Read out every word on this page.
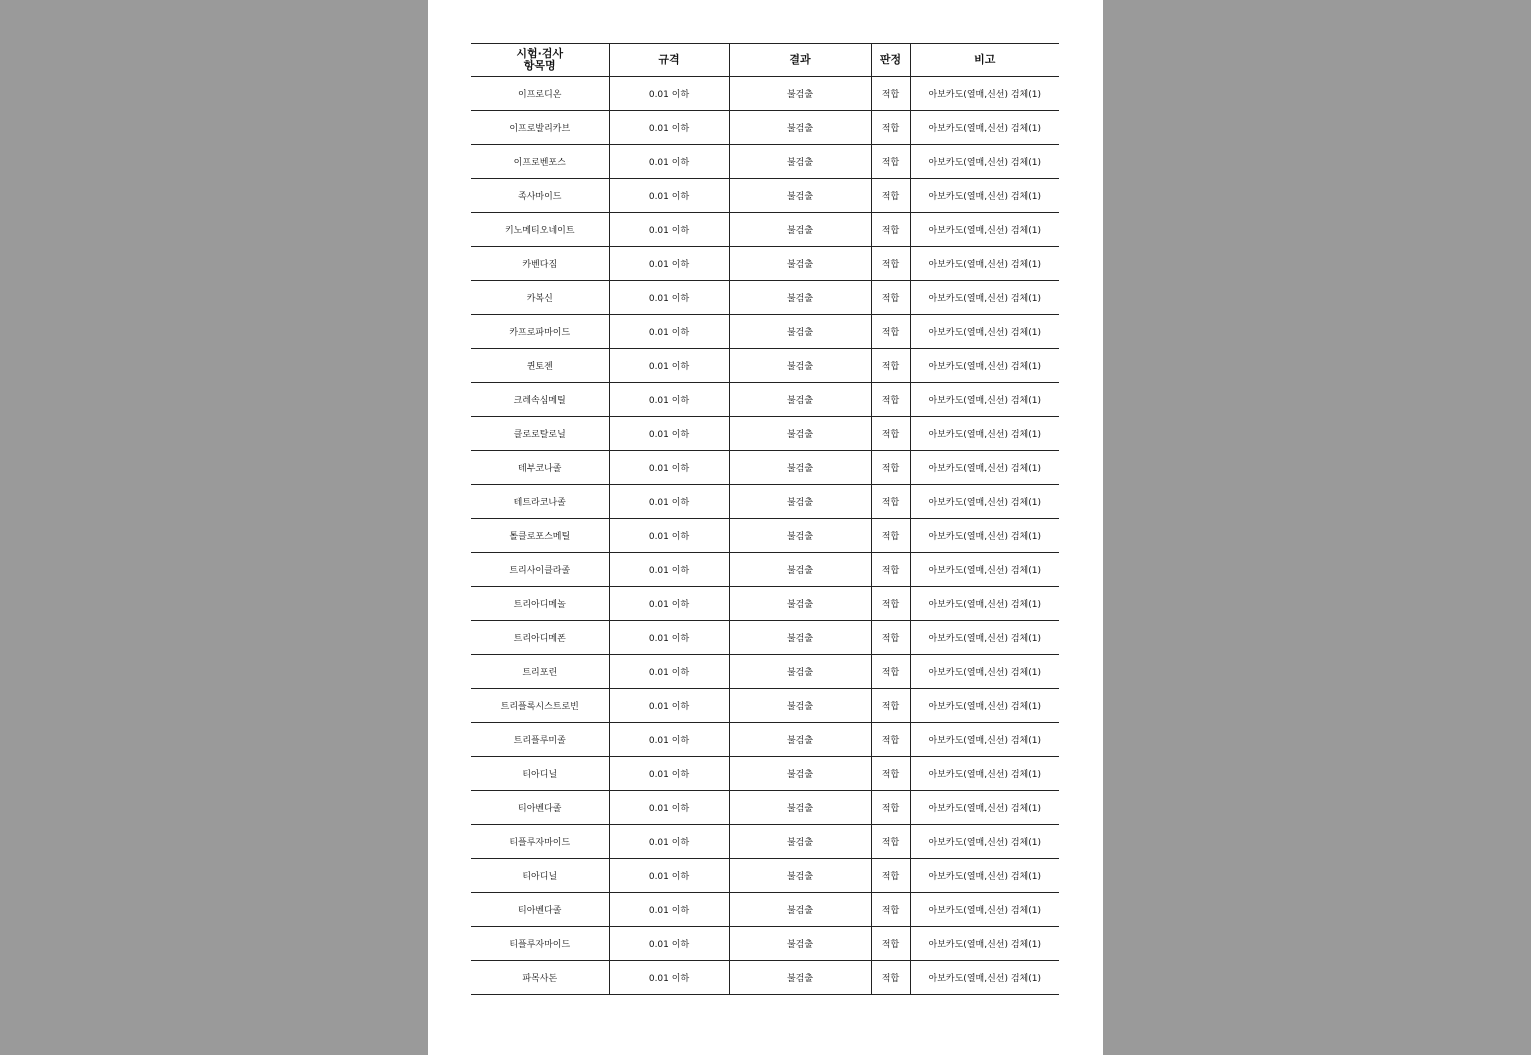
시험·검사
항목명	규격	결과	판정	비고
이프로디온	0.01 이하	불검출	적합	아보카도(열매,신선) 검체(1)
이프로발리카브	0.01 이하	불검출	적합	아보카도(열매,신선) 검체(1)
이프로벤포스	0.01 이하	불검출	적합	아보카도(열매,신선) 검체(1)
족사마이드	0.01 이하	불검출	적합	아보카도(열매,신선) 검체(1)
키노메티오네이트	0.01 이하	불검출	적합	아보카도(열매,신선) 검체(1)
카벤다짐	0.01 이하	불검출	적합	아보카도(열매,신선) 검체(1)
카복신	0.01 이하	불검출	적합	아보카도(열매,신선) 검체(1)
카프로파마이드	0.01 이하	불검출	적합	아보카도(열매,신선) 검체(1)
퀸토젠	0.01 이하	불검출	적합	아보카도(열매,신선) 검체(1)
크레속심메틸	0.01 이하	불검출	적합	아보카도(열매,신선) 검체(1)
클로로탈로닐	0.01 이하	불검출	적합	아보카도(열매,신선) 검체(1)
테부코나졸	0.01 이하	불검출	적합	아보카도(열매,신선) 검체(1)
테트라코나졸	0.01 이하	불검출	적합	아보카도(열매,신선) 검체(1)
톨클로포스메틸	0.01 이하	불검출	적합	아보카도(열매,신선) 검체(1)
트리사이클라졸	0.01 이하	불검출	적합	아보카도(열매,신선) 검체(1)
트리아디메놀	0.01 이하	불검출	적합	아보카도(열매,신선) 검체(1)
트리아디메폰	0.01 이하	불검출	적합	아보카도(열매,신선) 검체(1)
트리포린	0.01 이하	불검출	적합	아보카도(열매,신선) 검체(1)
트리플록시스트로빈	0.01 이하	불검출	적합	아보카도(열매,신선) 검체(1)
트리플루미졸	0.01 이하	불검출	적합	아보카도(열매,신선) 검체(1)
티아디닐	0.01 이하	불검출	적합	아보카도(열매,신선) 검체(1)
티아벤다졸	0.01 이하	불검출	적합	아보카도(열매,신선) 검체(1)
티플루자마이드	0.01 이하	불검출	적합	아보카도(열매,신선) 검체(1)
티아디닐	0.01 이하	불검출	적합	아보카도(열매,신선) 검체(1)
티아벤다졸	0.01 이하	불검출	적합	아보카도(열매,신선) 검체(1)
티플루자마이드	0.01 이하	불검출	적합	아보카도(열매,신선) 검체(1)
파목사돈	0.01 이하	불검출	적합	아보카도(열매,신선) 검체(1)
